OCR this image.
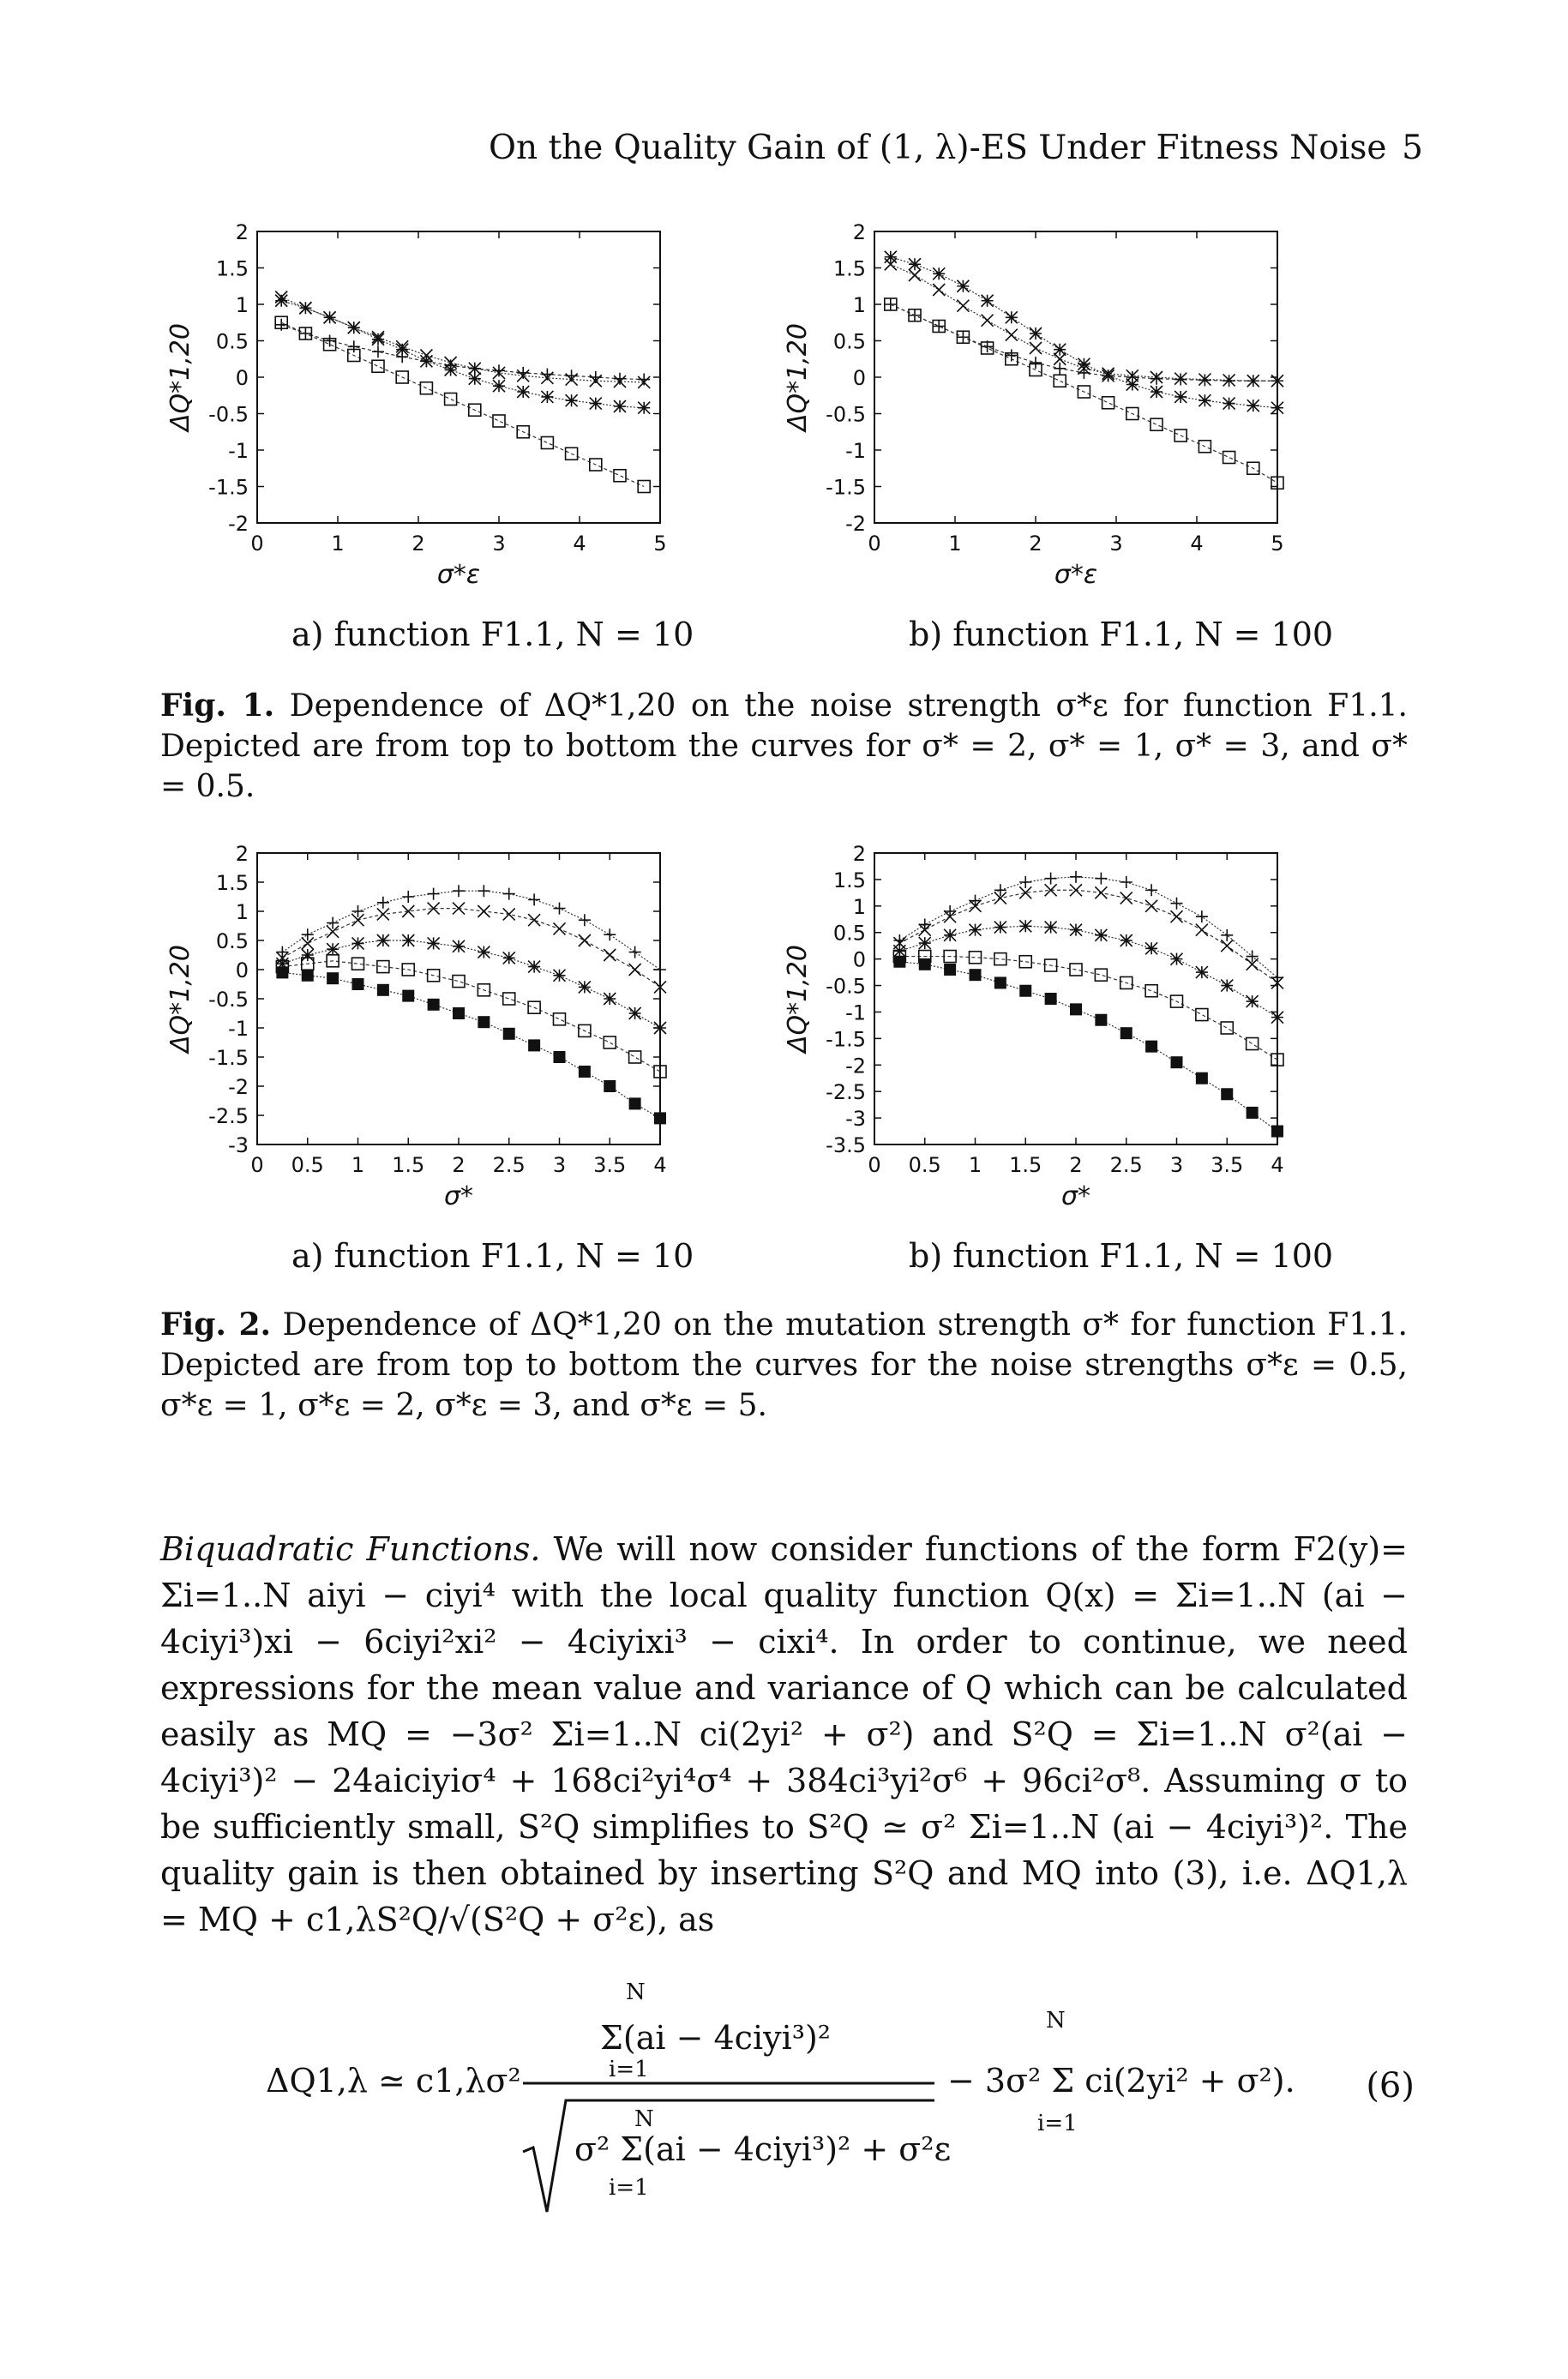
On the Quality Gain of (1, λ)-ES Under Fitness Noise 5
2
1.5
1
0.5
0
-0.5
-1
-1.5
-2
0	1	2	3	4	5
σ*ε
ΔQ*1,20
2
1.5
1
0.5
0
-0.5
-1
-1.5
-2
0	1	2	3	4	5
σ*ε
ΔQ*1,20
a) function F1.1, N = 10	b) function F1.1, N = 100
Fig. 1. Dependence of ΔQ*1,20 on the noise strength σ*ε for function F1.1. Depicted are from top to bottom the curves for σ* = 2, σ* = 1, σ* = 3, and σ* = 0.5.
2
1.5
1
0.5
0
-0.5
-1
-1.5
-2
-2.5
-3
0 0.5 1 1.5 2 2.5 3 3.5 4
σ*
ΔQ*1,20
2
1.5
1
0.5
0
-0.5
-1
-1.5
-2
-2.5
-3
-3.5
0 0.5 1 1.5 2 2.5 3 3.5 4
σ*
ΔQ*1,20
a) function F1.1, N = 10	b) function F1.1, N = 100
Fig. 2. Dependence of ΔQ*1,20 on the mutation strength σ* for function F1.1. Depicted are from top to bottom the curves for the noise strengths σ*ε = 0.5, σ*ε = 1, σ*ε = 2, σ*ε = 3, and σ*ε = 5.
Biquadratic Functions. We will now consider functions of the form F2(y)= Σi=1..N aiyi − ciyi⁴ with the local quality function Q(x) = Σi=1..N (ai − 4ciyi³)xi − 6ciyi²xi² − 4ciyixi³ − cixi⁴. In order to continue, we need expressions for the mean value and variance of Q which can be calculated easily as MQ = −3σ² Σi=1..N ci(2yi² + σ²) and S²Q = Σi=1..N σ²(ai − 4ciyi³)² − 24aiciyiσ⁴ + 168ci²yi⁴σ⁴ + 384ci³yi²σ⁶ + 96ci²σ⁸. Assuming σ to be sufficiently small, S²Q simplifies to S²Q ≃ σ² Σi=1..N (ai − 4ciyi³)². The quality gain is then obtained by inserting S²Q and MQ into (3), i.e. ΔQ1,λ = MQ + c1,λS²Q/√(S²Q + σ²ε), as
ΔQ1,λ ≃ c1,λσ²
N
Σ(ai − 4ciyi³)²
i=1
N
σ² Σ(ai − 4ciyi³)² + σ²ε
i=1
N
− 3σ² Σ ci(2yi² + σ²).
i=1
(6)
